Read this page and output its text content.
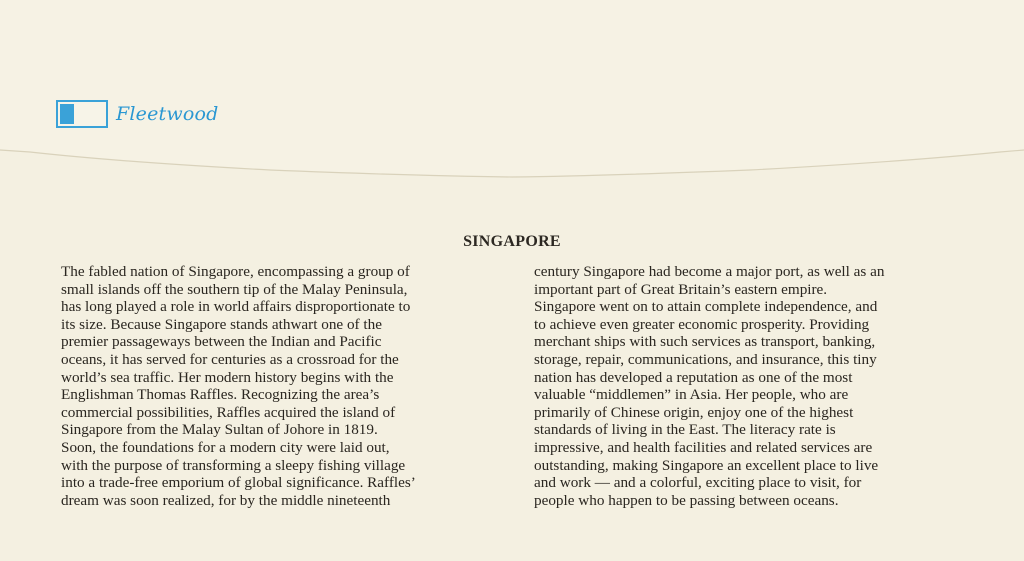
Fleetwood
SINGAPORE
The fabled nation of Singapore, encompassing a group of
small islands off the southern tip of the Malay Peninsula,
has long played a role in world affairs disproportionate to
its size. Because Singapore stands athwart one of the
premier passageways between the Indian and Pacific
oceans, it has served for centuries as a crossroad for the
world’s sea traffic. Her modern history begins with the
Englishman Thomas Raffles. Recognizing the area’s
commercial possibilities, Raffles acquired the island of
Singapore from the Malay Sultan of Johore in 1819.
Soon, the foundations for a modern city were laid out,
with the purpose of transforming a sleepy fishing village
into a trade-free emporium of global significance. Raffles’
dream was soon realized, for by the middle nineteenth
century Singapore had become a major port, as well as an
important part of Great Britain’s eastern empire.
Singapore went on to attain complete independence, and
to achieve even greater economic prosperity. Providing
merchant ships with such services as transport, banking,
storage, repair, communications, and insurance, this tiny
nation has developed a reputation as one of the most
valuable “middlemen” in Asia. Her people, who are
primarily of Chinese origin, enjoy one of the highest
standards of living in the East. The literacy rate is
impressive, and health facilities and related services are
outstanding, making Singapore an excellent place to live
and work — and a colorful, exciting place to visit, for
people who happen to be passing between oceans.
